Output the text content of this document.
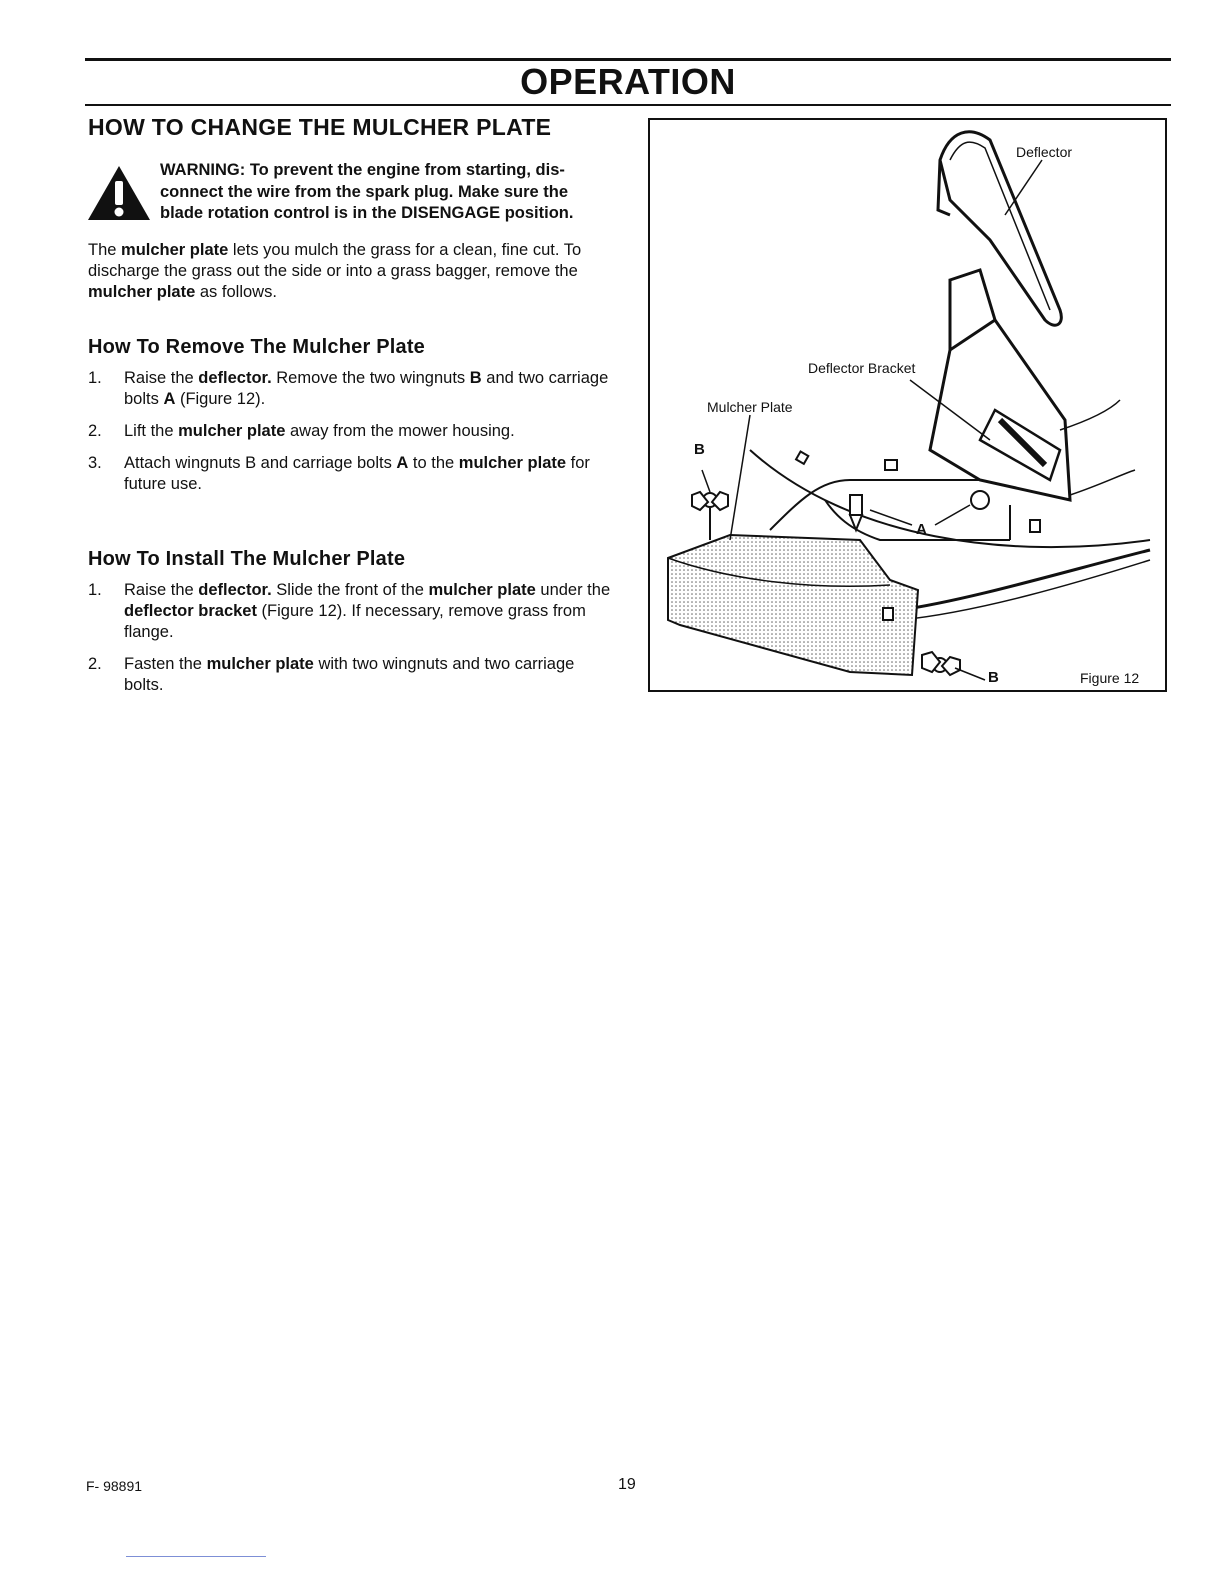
OPERATION
HOW TO CHANGE THE MULCHER PLATE
WARNING: To prevent the engine from starting, disconnect the wire from the spark plug. Make sure the blade rotation control is in the DISENGAGE position.
The mulcher plate lets you mulch the grass for a clean, fine cut. To discharge the grass out the side or into a grass bagger, remove the mulcher plate as follows.
How To Remove The Mulcher Plate
1. Raise the deflector. Remove the two wingnuts B and two carriage bolts A (Figure 12).
2. Lift the mulcher plate away from the mower housing.
3. Attach wingnuts B and carriage bolts A to the mulcher plate for future use.
How To Install The Mulcher Plate
1. Raise the deflector. Slide the front of the mulcher plate under the deflector bracket (Figure 12). If necessary, remove grass from flange.
2. Fasten the mulcher plate with two wingnuts and two carriage bolts.
Deflector
Deflector Bracket
Mulcher Plate
B
A
B	Figure 12
F- 98891	19
